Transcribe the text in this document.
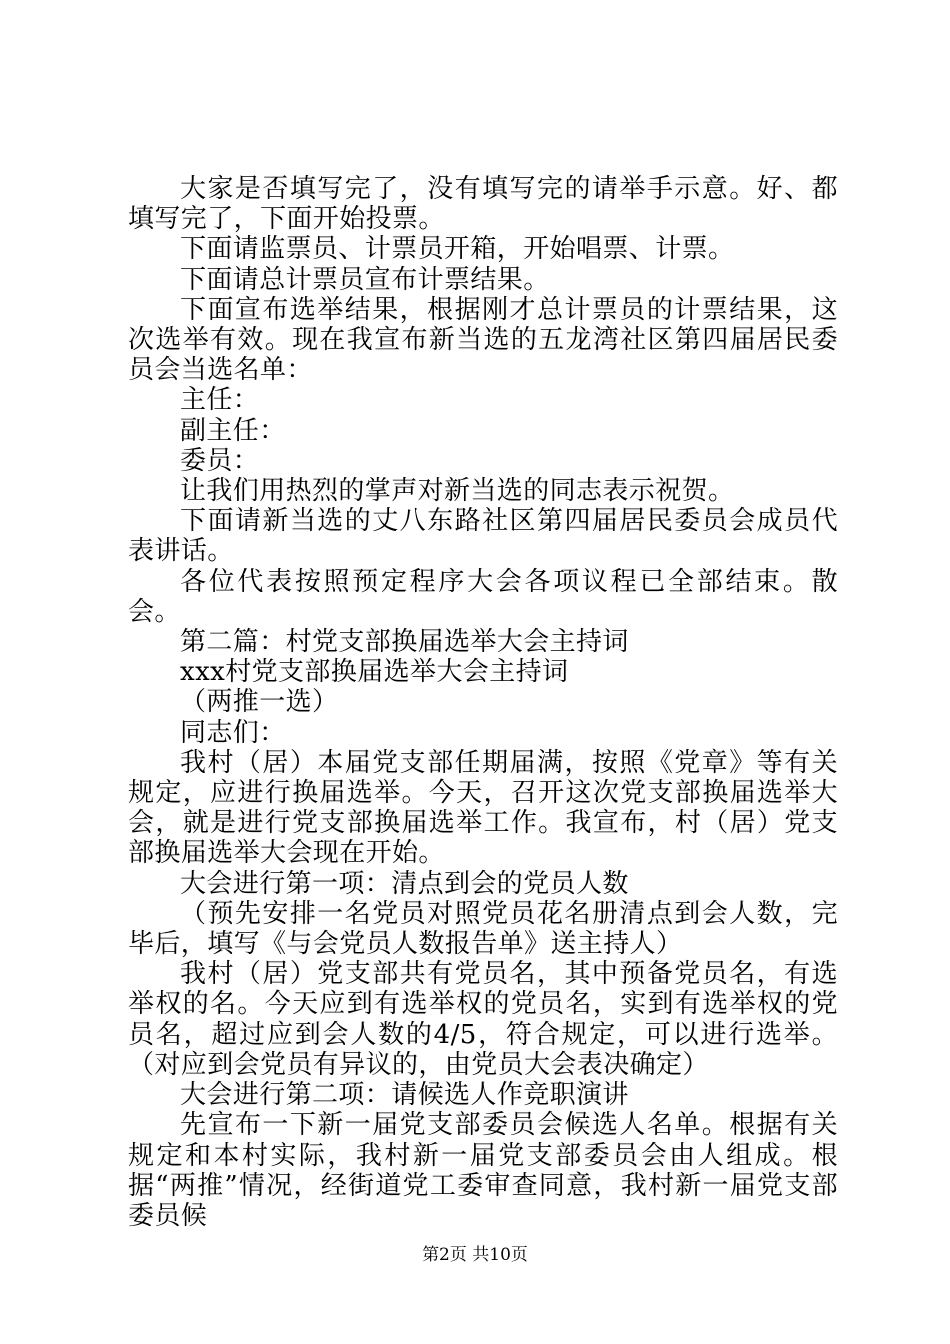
大家是否填写完了，没有填写完的请举手示意。好、都填写完了，下面开始投票。

下面请监票员、计票员开箱，开始唱票、计票。

下面请总计票员宣布计票结果。

下面宣布选举结果，根据刚才总计票员的计票结果，这次选举有效。现在我宣布新当选的五龙湾社区第四届居民委员会当选名单：

主任：

副主任：

委员：

让我们用热烈的掌声对新当选的同志表示祝贺。

下面请新当选的丈八东路社区第四届居民委员会成员代表讲话。

各位代表按照预定程序大会各项议程已全部结束。散会。

第二篇：村党支部换届选举大会主持词

xxx村党支部换届选举大会主持词

（两推一选）

同志们：

我村（居）本届党支部任期届满，按照《党章》等有关规定，应进行换届选举。今天，召开这次党支部换届选举大会，就是进行党支部换届选举工作。我宣布，村（居）党支部换届选举大会现在开始。

大会进行第一项：清点到会的党员人数

（预先安排一名党员对照党员花名册清点到会人数，完毕后，填写《与会党员人数报告单》送主持人）

我村（居）党支部共有党员名，其中预备党员名，有选举权的名。今天应到有选举权的党员名，实到有选举权的党员名，超过应到会人数的4/5，符合规定，可以进行选举。（对应到会党员有异议的，由党员大会表决确定）

大会进行第二项：请候选人作竞职演讲

先宣布一下新一届党支部委员会候选人名单。根据有关规定和本村实际，我村新一届党支部委员会由人组成。根据“两推”情况，经街道党工委审查同意，我村新一届党支部委员候

第2页 共10页
